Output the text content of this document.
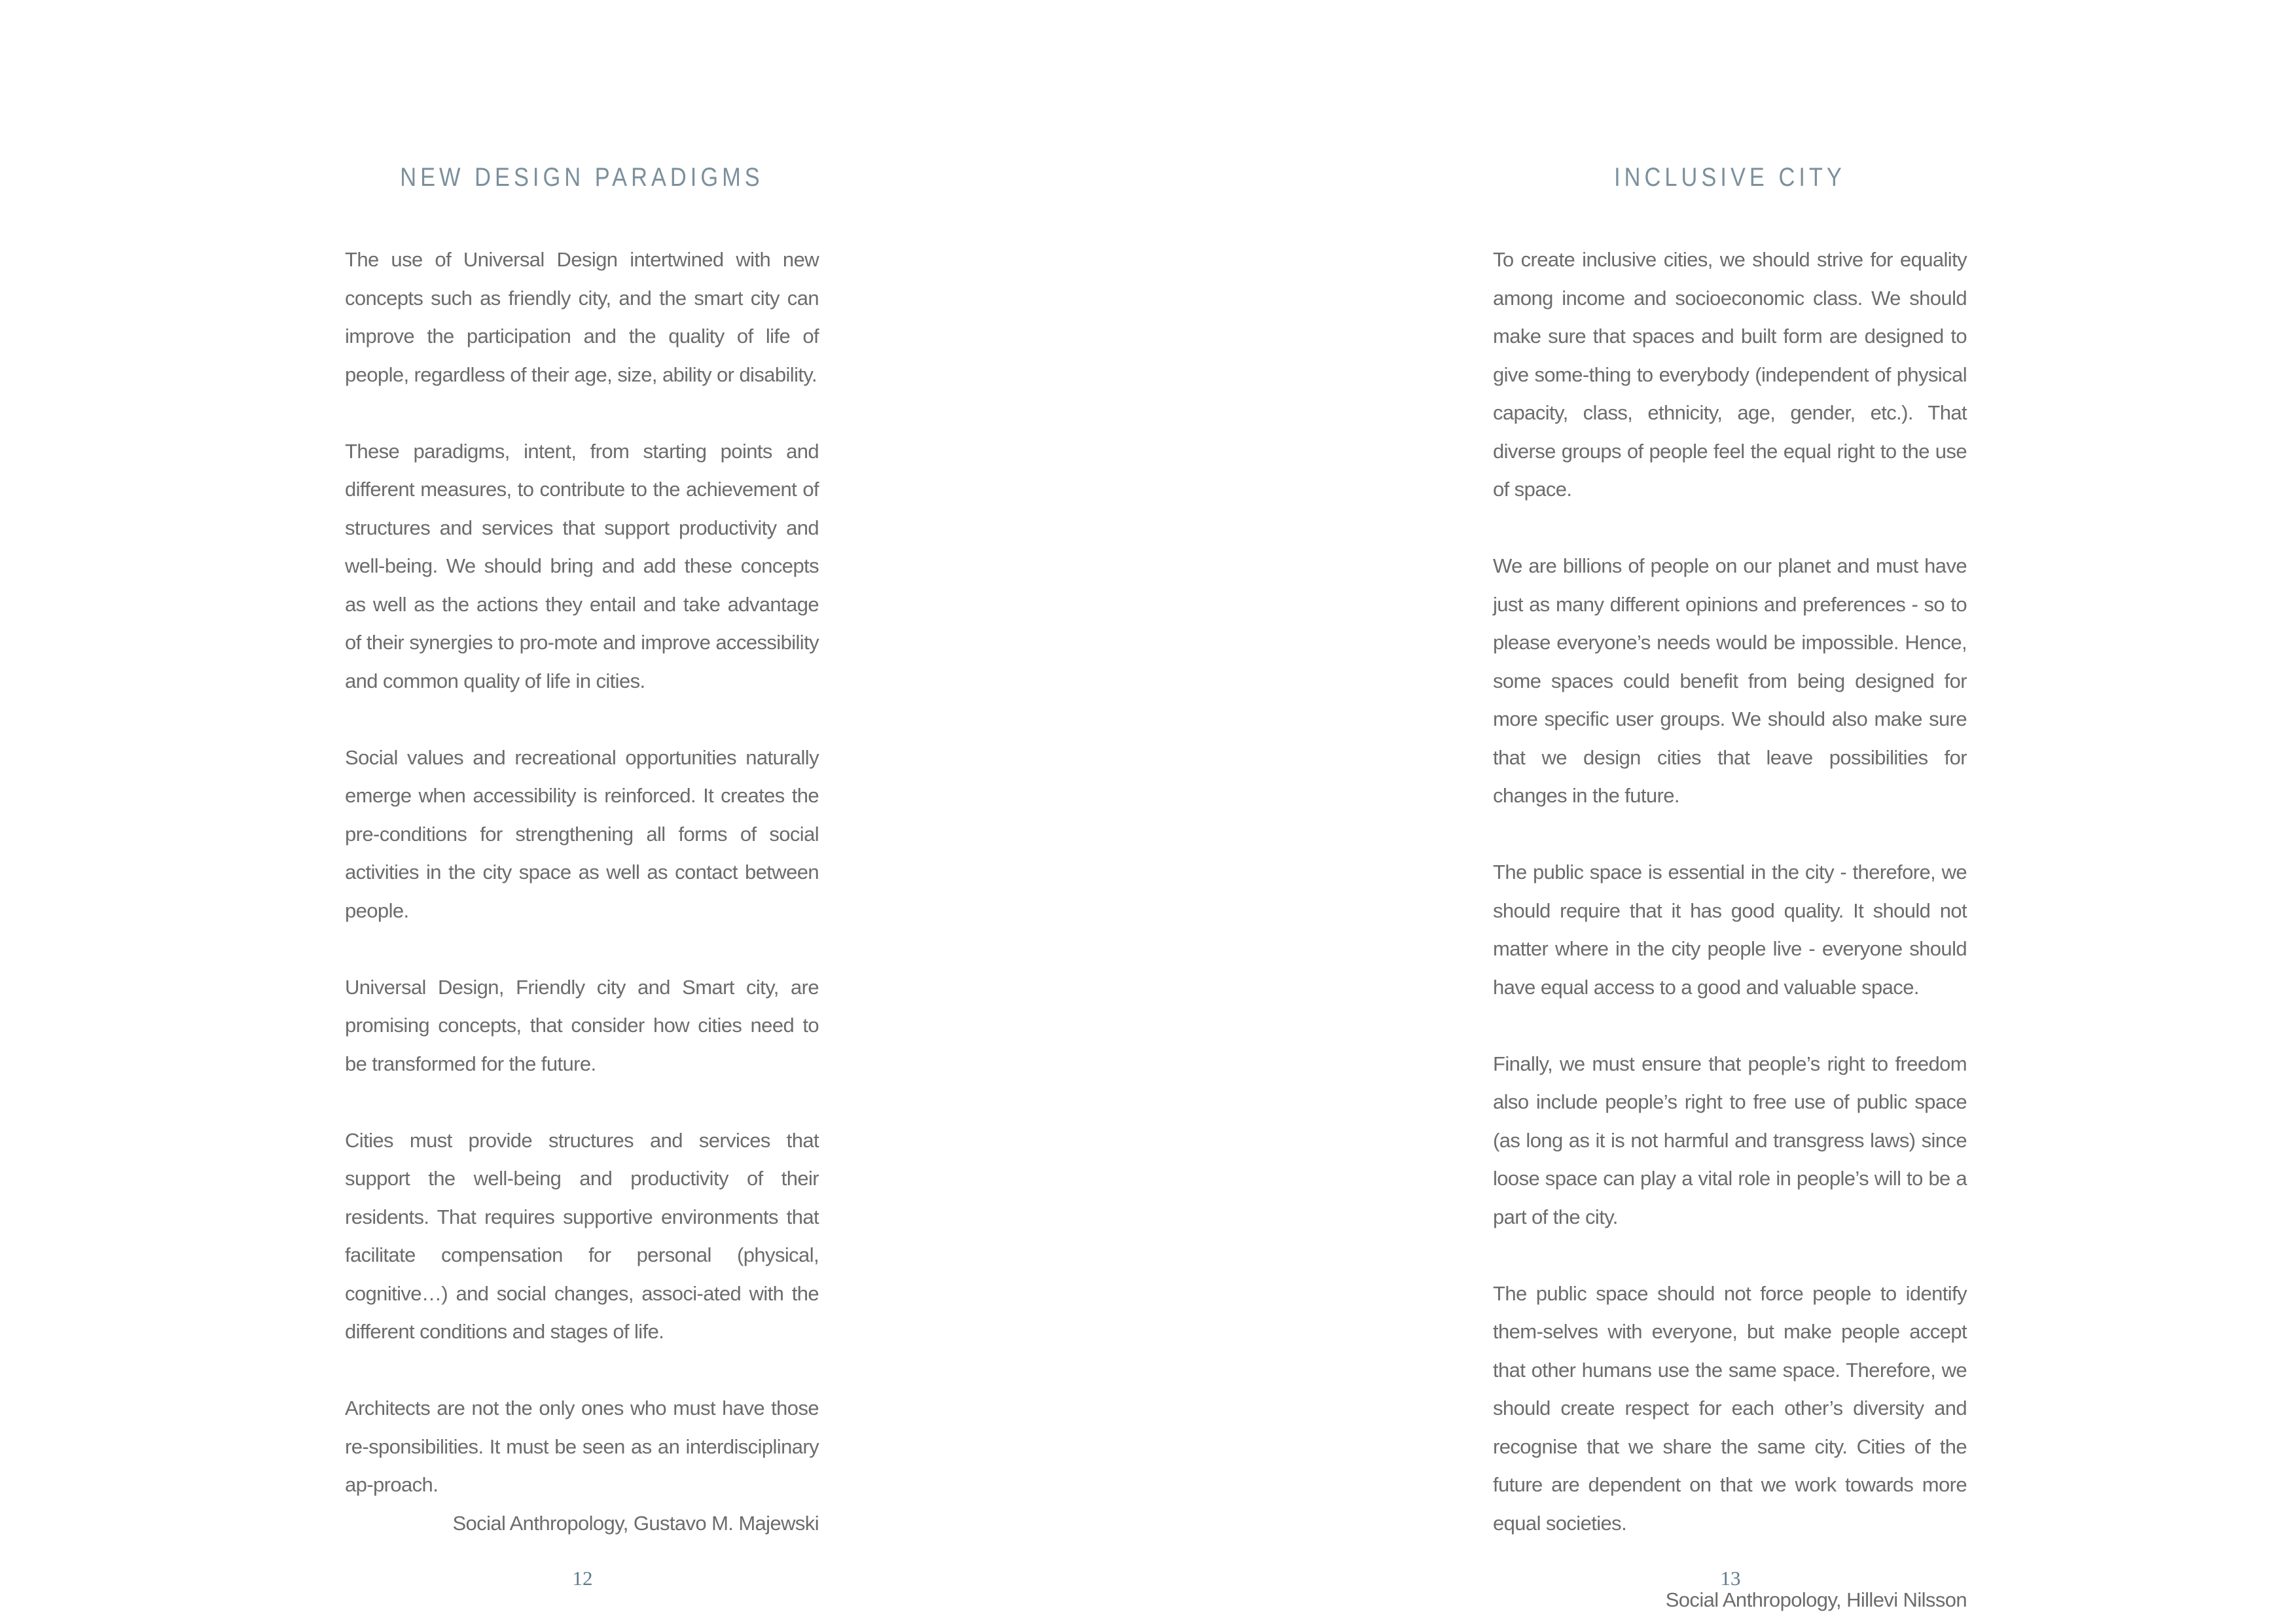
NEW DESIGN PARADIGMS

The use of Universal Design intertwined with new concepts such as friendly city, and the smart city can improve the participation and the quality of life of people, regardless of their age, size, ability or disability.

These paradigms, intent, from starting points and different measures, to contribute to the achievement of structures and services that support productivity and well-being. We should bring and add these concepts as well as the actions they entail and take advantage of their synergies to pro-mote and improve accessibility and common quality of life in cities.

Social values and recreational opportunities naturally emerge when accessibility is reinforced. It creates the pre-conditions for strengthening all forms of social activities in the city space as well as contact between people.

Universal Design, Friendly city and Smart city, are promising concepts, that consider how cities need to be transformed for the future.

Cities must provide structures and services that support the well-being and productivity of their residents. That requires supportive environments that facilitate compensation for personal (physical, cognitive…) and social changes, associ-ated with the different conditions and stages of life.

Architects are not the only ones who must have those re-sponsibilities. It must be seen as an interdisciplinary ap-proach.

Social Anthropology, Gustavo M. Majewski

12
INCLUSIVE CITY

To create inclusive cities, we should strive for equality among income and socioeconomic class. We should make sure that spaces and built form are designed to give some-thing to everybody (independent of physical capacity, class, ethnicity, age, gender, etc.). That diverse groups of people feel the equal right to the use of space.

We are billions of people on our planet and must have just as many different opinions and preferences - so to please everyone’s needs would be impossible. Hence, some spaces could benefit from being designed for more specific user groups. We should also make sure that we design cities that leave possibilities for changes in the future.

The public space is essential in the city - therefore, we should require that it has good quality. It should not matter where in the city people live - everyone should have equal access to a good and valuable space.

Finally, we must ensure that people’s right to freedom also include people’s right to free use of public space (as long as it is not harmful and transgress laws) since loose space can play a vital role in people’s will to be a part of the city.

The public space should not force people to identify them-selves with everyone, but make people accept that other humans use the same space. Therefore, we should create respect for each other’s diversity and recognise that we share the same city. Cities of the future are dependent on that we work towards more equal societies.

Social Anthropology, Hillevi Nilsson

13
